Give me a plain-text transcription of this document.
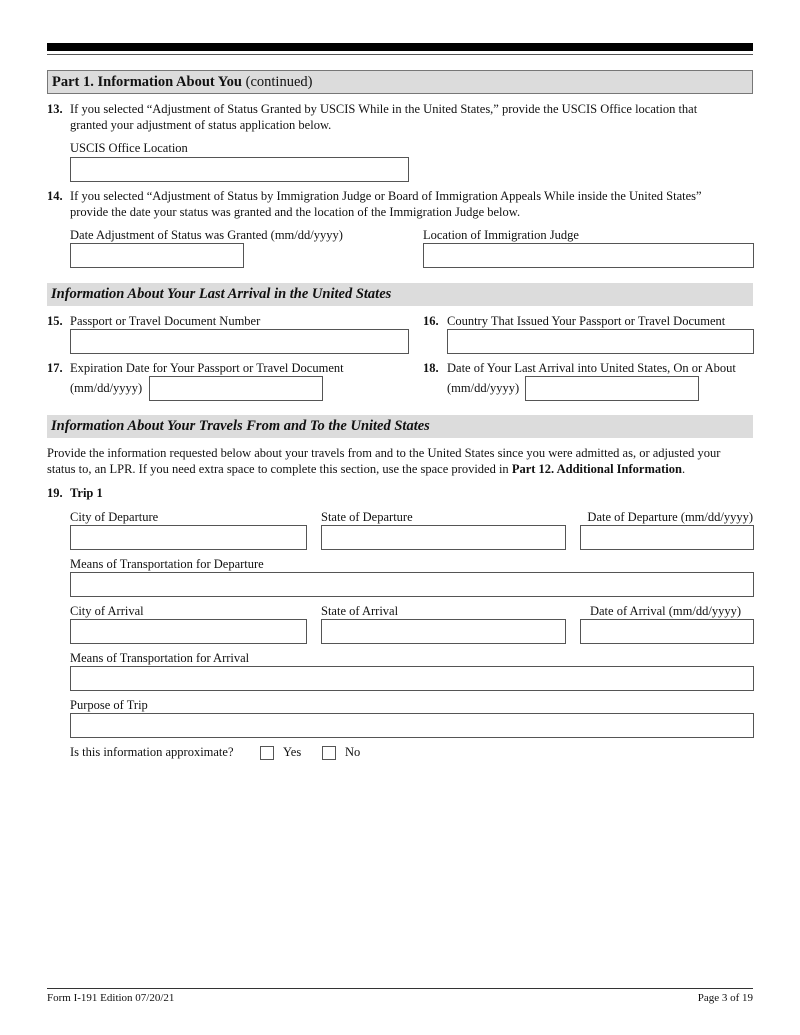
Part 1. Information About You (continued)
13. If you selected “Adjustment of Status Granted by USCIS While in the United States,” provide the USCIS Office location that
granted your adjustment of status application below.
USCIS Office Location
14. If you selected “Adjustment of Status by Immigration Judge or Board of Immigration Appeals While inside the United States”
provide the date your status was granted and the location of the Immigration Judge below.
Date Adjustment of Status was Granted (mm/dd/yyyy)	Location of Immigration Judge
Information About Your Last Arrival in the United States
15. Passport or Travel Document Number	16. Country That Issued Your Passport or Travel Document
17. Expiration Date for Your Passport or Travel Document
(mm/dd/yyyy)
18. Date of Your Last Arrival into United States, On or About
(mm/dd/yyyy)
Information About Your Travels From and To the United States
Provide the information requested below about your travels from and to the United States since you were admitted as, or adjusted your
status to, an LPR. If you need extra space to complete this section, use the space provided in Part 12. Additional Information.
19. Trip 1
City of Departure	State of Departure	Date of Departure (mm/dd/yyyy)
Means of Transportation for Departure
City of Arrival	State of Arrival	Date of Arrival (mm/dd/yyyy)
Means of Transportation for Arrival
Purpose of Trip
Is this information approximate?	Yes	No
Form I-191 Edition 07/20/21	Page 3 of 19
